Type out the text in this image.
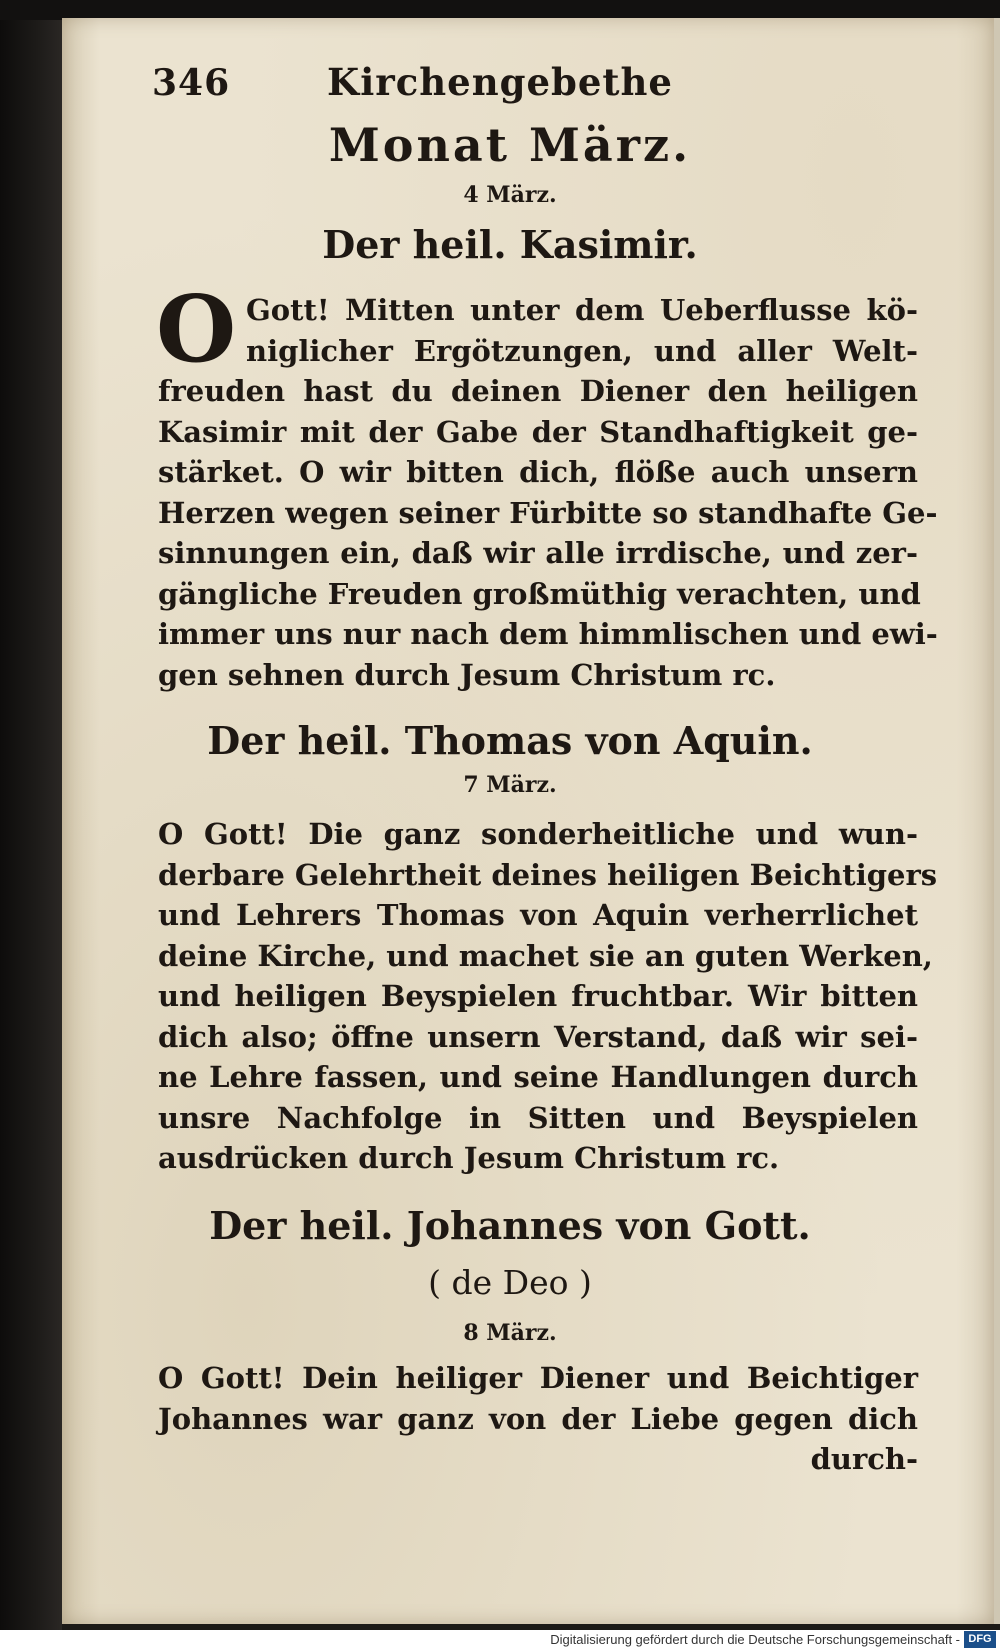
346	Kirchengebethe
Monat März.
4 März.
Der heil. Kasimir.
O Gott! Mitten unter dem Ueberflusse kö-
niglicher Ergötzungen, und aller Welt-
freuden hast du deinen Diener den heiligen
Kasimir mit der Gabe der Standhaftigkeit ge-
stärket. O wir bitten dich, flöße auch unsern
Herzen wegen seiner Fürbitte so standhafte Ge-
sinnungen ein, daß wir alle irrdische, und zer-
gängliche Freuden großmüthig verachten, und
immer uns nur nach dem himmlischen und ewi-
gen sehnen durch Jesum Christum rc.
Der heil. Thomas von Aquin.
7 März.
O Gott! Die ganz sonderheitliche und wun-
derbare Gelehrtheit deines heiligen Beichtigers
und Lehrers Thomas von Aquin verherrlichet
deine Kirche, und machet sie an guten Werken,
und heiligen Beyspielen fruchtbar. Wir bitten
dich also; öffne unsern Verstand, daß wir sei-
ne Lehre fassen, und seine Handlungen durch
unsre Nachfolge in Sitten und Beyspielen
ausdrücken durch Jesum Christum rc.
Der heil. Johannes von Gott.
( de Deo )
8 März.
O Gott! Dein heiliger Diener und Beichtiger
Johannes war ganz von der Liebe gegen dich
durch-
Digitalisierung gefördert durch die Deutsche Forschungsgemeinschaft - DFG
